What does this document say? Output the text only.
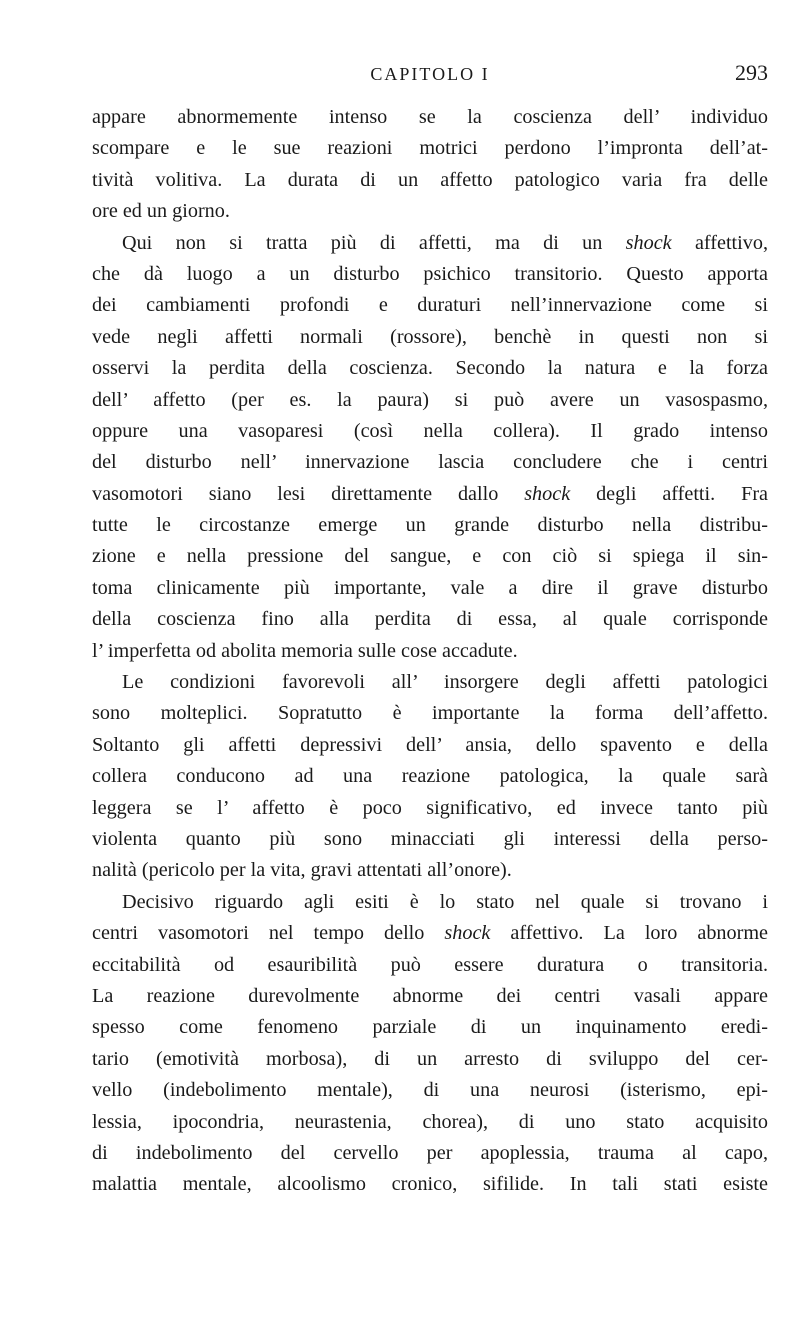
CAPITOLO I	293
appare abnormemente intenso se la coscienza dell’ individuo
scompare e le sue reazioni motrici perdono l’impronta dell’at-
tività volitiva. La durata di un affetto patologico varia fra delle
ore ed un giorno.
Qui non si tratta più di affetti, ma di un shock affettivo,
che dà luogo a un disturbo psichico transitorio. Questo apporta
dei cambiamenti profondi e duraturi nell’innervazione come si
vede negli affetti normali (rossore), benchè in questi non si
osservi la perdita della coscienza. Secondo la natura e la forza
dell’ affetto (per es. la paura) si può avere un vasospasmo,
oppure una vasoparesi (così nella collera). Il grado intenso
del disturbo nell’ innervazione lascia concludere che i centri
vasomotori siano lesi direttamente dallo shock degli affetti. Fra
tutte le circostanze emerge un grande disturbo nella distribu-
zione e nella pressione del sangue, e con ciò si spiega il sin-
toma clinicamente più importante, vale a dire il grave disturbo
della coscienza fino alla perdita di essa, al quale corrisponde
l’ imperfetta od abolita memoria sulle cose accadute.
Le condizioni favorevoli all’ insorgere degli affetti patologici
sono molteplici. Sopratutto è importante la forma dell’affetto.
Soltanto gli affetti depressivi dell’ ansia, dello spavento e della
collera conducono ad una reazione patologica, la quale sarà
leggera se l’ affetto è poco significativo, ed invece tanto più
violenta quanto più sono minacciati gli interessi della perso-
nalità (pericolo per la vita, gravi attentati all’onore).
Decisivo riguardo agli esiti è lo stato nel quale si trovano i
centri vasomotori nel tempo dello shock affettivo. La loro abnorme
eccitabilità od esauribilità può essere duratura o transitoria.
La reazione durevolmente abnorme dei centri vasali appare
spesso come fenomeno parziale di un inquinamento eredi-
tario (emotività morbosa), di un arresto di sviluppo del cer-
vello (indebolimento mentale), di una neurosi (isterismo, epi-
lessia, ipocondria, neurastenia, chorea), di uno stato acquisito
di indebolimento del cervello per apoplessia, trauma al capo,
malattia mentale, alcoolismo cronico, sifilide. In tali stati esiste
